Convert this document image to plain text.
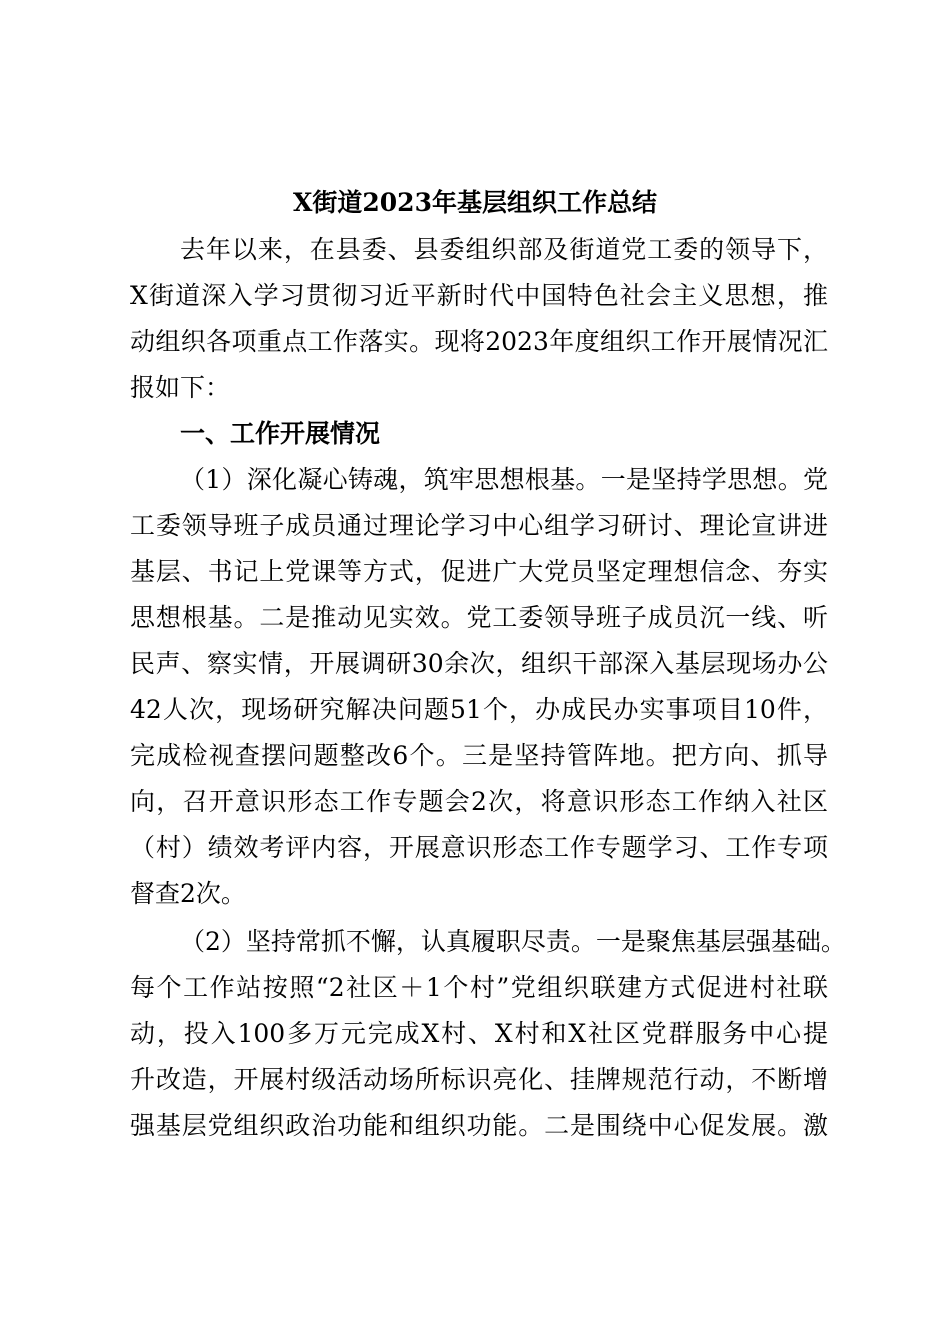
X街道2023年基层组织工作总结
去年以来，在县委、县委组织部及街道党工委的领导下，
X街道深入学习贯彻习近平新时代中国特色社会主义思想，推
动组织各项重点工作落实。现将2023年度组织工作开展情况汇
报如下：
一、工作开展情况
（1）深化凝心铸魂，筑牢思想根基。一是坚持学思想。党
工委领导班子成员通过理论学习中心组学习研讨、理论宣讲进
基层、书记上党课等方式，促进广大党员坚定理想信念、夯实
思想根基。二是推动见实效。党工委领导班子成员沉一线、听
民声、察实情，开展调研30余次，组织干部深入基层现场办公
42人次，现场研究解决问题51个，办成民办实事项目10件，
完成检视查摆问题整改6个。三是坚持管阵地。把方向、抓导
向，召开意识形态工作专题会2次，将意识形态工作纳入社区
（村）绩效考评内容，开展意识形态工作专题学习、工作专项
督查2次。
（2）坚持常抓不懈，认真履职尽责。一是聚焦基层强基础。
每个工作站按照“2社区＋1个村”党组织联建方式促进村社联
动，投入100多万元完成X村、X村和X社区党群服务中心提
升改造，开展村级活动场所标识亮化、挂牌规范行动，不断增
强基层党组织政治功能和组织功能。二是围绕中心促发展。激
